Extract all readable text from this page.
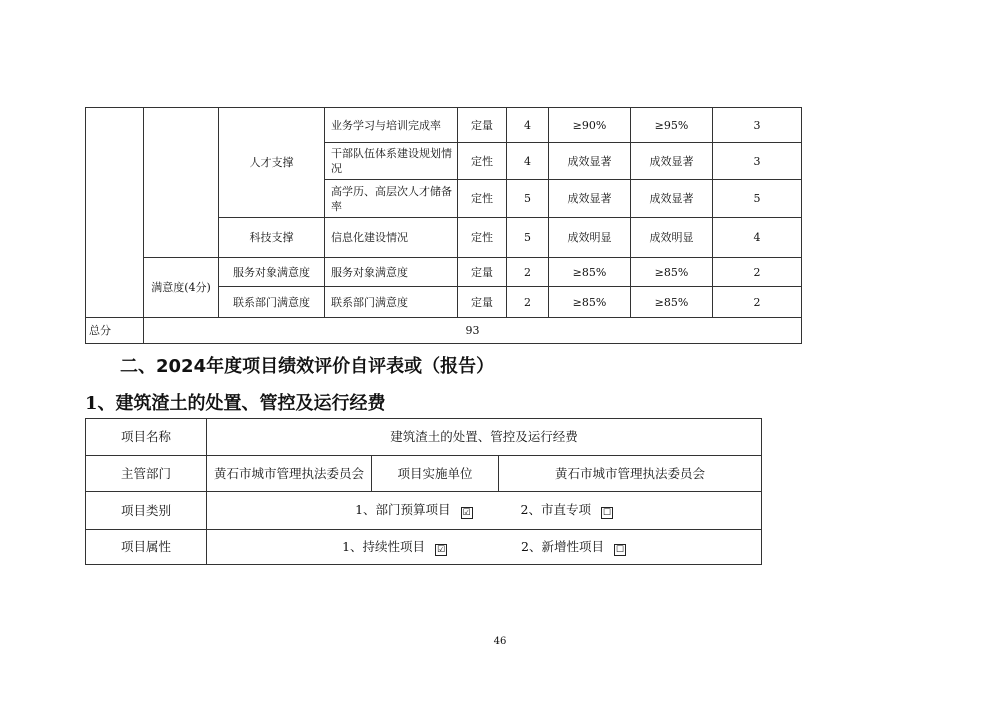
		人才支撑	业务学习与培训完成率	定量	4	≥90%	≥95%	3
			干部队伍体系建设规划情况	定性	4	成效显著	成效显著	3
			高学历、高层次人才储备率	定性	5	成效显著	成效显著	5
		科技支撑	信息化建设情况	定性	5	成效明显	成效明显	4
	满意度(4分)	服务对象满意度	服务对象满意度	定量	2	≥85%	≥85%	2
		联系部门满意度	联系部门满意度	定量	2	≥85%	≥85%	2
总分	93							
二、2024年度项目绩效评价自评表或（报告）
1、建筑渣土的处置、管控及运行经费
项目名称	建筑渣土的处置、管控及运行经费		
主管部门	黄石市城市管理执法委员会	项目实施单位	黄石市城市管理执法委员会
项目类别	1、部门预算项目 ☑ 2、市直专项 ☐		
项目属性	1、持续性项目 ☑ 2、新增性项目 ☐		
46
